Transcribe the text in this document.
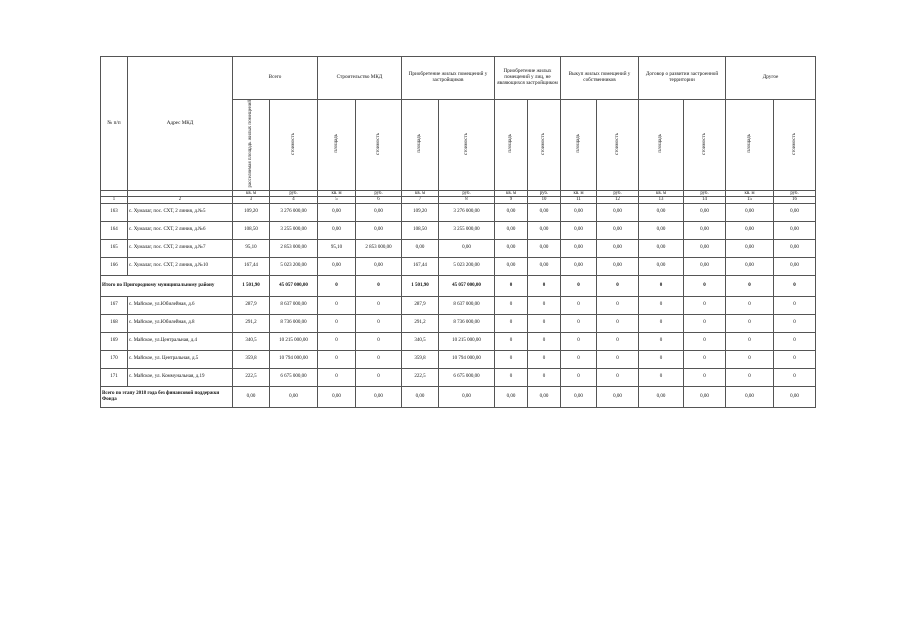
№ п/п	Адрес МКД	Всего		Строительство МКД		Приобретение жилых помещений у застройщиков		Приобретение жилых помещений у лиц, не являющихся застройщиком		Выкуп жилых помещений у собственников		Договор о развитии застроенной территории		Другое	
		расселяемая площадь жилых помещений	стоимость	площадь	стоимость	площадь	стоимость	площадь	стоимость	площадь	стоимость	площадь	стоимость	площадь	стоимость
		кв. м	руб.	кв. м	руб.	кв. м	руб.	кв. м	руб.	кв. м	руб.	кв. м	руб.	кв. м	руб.
1	2	3	4	5	6	7	8	9	10	11	12	13	14	15	16
163	с. Хумалаг, пос. СХТ, 2 линия, д.№5	109,20	3 276 000,00	0,00	0,00	109,20	3 276 000,00	0,00	0,00	0,00	0,00	0,00	0,00	0,00	0,00
164	с. Хумалаг, пос. СХТ, 2 линия, д.№6	108,50	3 255 000,00	0,00	0,00	108,50	3 255 000,00	0,00	0,00	0,00	0,00	0,00	0,00	0,00	0,00
165	с. Хумалаг, пос. СХТ, 2 линия, д.№7	95,10	2 853 000,00	95,10	2 853 000,00	0,00	0,00	0,00	0,00	0,00	0,00	0,00	0,00	0,00	0,00
166	с. Хумалаг, пос. СХТ, 2 линия, д.№10	167,44	5 023 200,00	0,00	0,00	167,44	5 023 200,00	0,00	0,00	0,00	0,00	0,00	0,00	0,00	0,00
Итого по Пригородному муниципальному району		1 501,90	45 057 000,00	0	0	1 501,90	45 057 000,00	0	0	0	0	0	0	0	0
167	с. Майское, ул.Юбилейная, д.6	287,9	8 637 000,00	0	0	287,9	8 637 000,00	0	0	0	0	0	0	0	0
168	с. Майское, ул.Юбилейная, д.8	291,2	8 736 000,00	0	0	291,2	8 736 000,00	0	0	0	0	0	0	0	0
169	с. Майское, ул.Центральная, д.4	340,5	10 215 000,00	0	0	340,5	10 215 000,00	0	0	0	0	0	0	0	0
170	с. Майское, ул. Центральная, д.5	359,8	10 794 000,00	0	0	359,8	10 794 000,00	0	0	0	0	0	0	0	0
171	с. Майское, ул. Коммунальная, д.19	222,5	6 675 000,00	0	0	222,5	6 675 000,00	0	0	0	0	0	0	0	0
Всего по этапу 2018 года без финансовой поддержки Фонда		0,00	0,00	0,00	0,00	0,00	0,00	0,00	0,00	0,00	0,00	0,00	0,00	0,00	0,00
